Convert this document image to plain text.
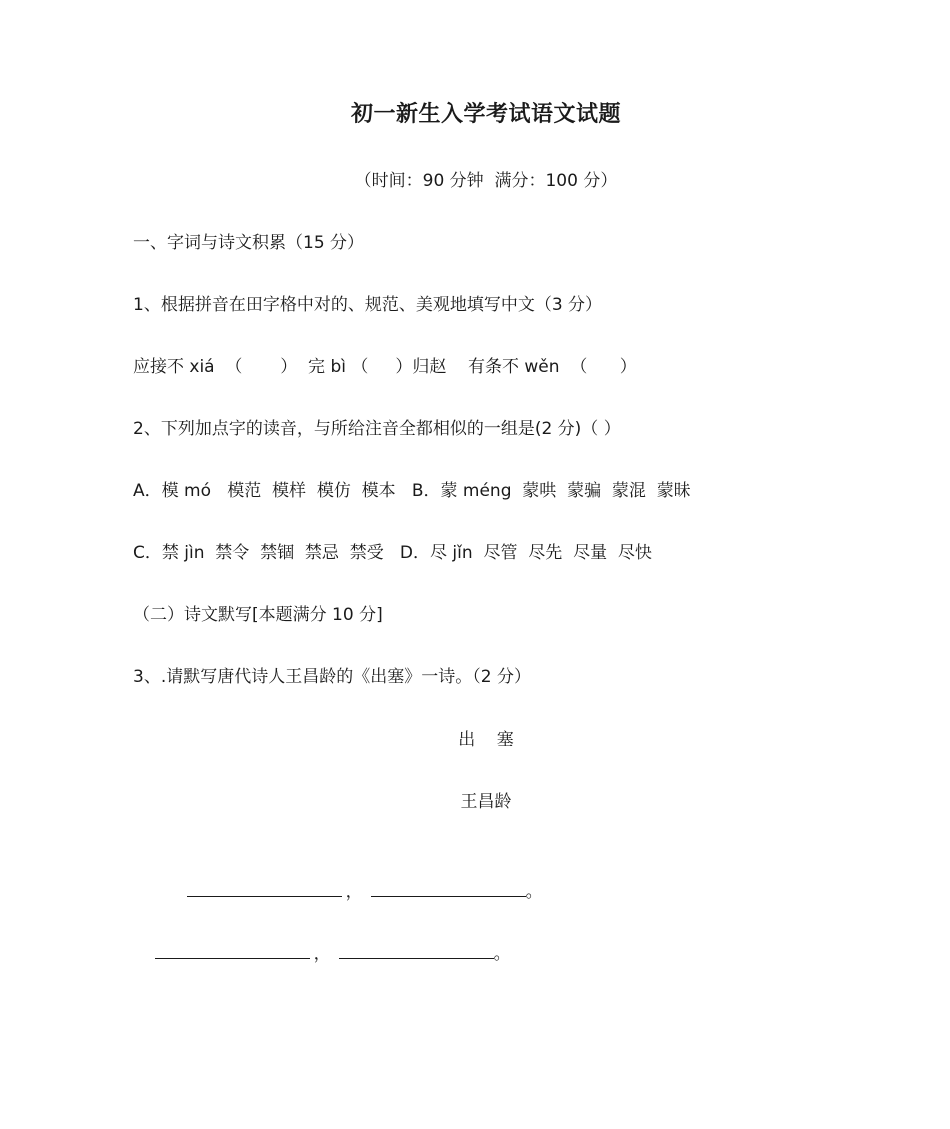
初一新生入学考试语文试题
（时间：90 分钟  满分：100 分）
一、字词与诗文积累（15 分）
1、根据拼音在田字格中对的、规范、美观地填写中文（3 分）
应接不 xiá  （       ）  完 bì （     ）归赵    有条不 wěn  （      ）
2、下列加点字的读音，与所给注音全都相似的一组是(2 分)（ ）
A．模 mó   模范  模样  模仿  模本   B．蒙 méng  蒙哄  蒙骗  蒙混  蒙昧
C．禁 jìn  禁令  禁锢  禁忌  禁受   D．尽 jǐn  尽管  尽先  尽量  尽快
（二）诗文默写[本题满分 10 分]
3、.请默写唐代诗人王昌龄的《出塞》一诗。（2 分）
出    塞
王昌龄

，	。

，	。
